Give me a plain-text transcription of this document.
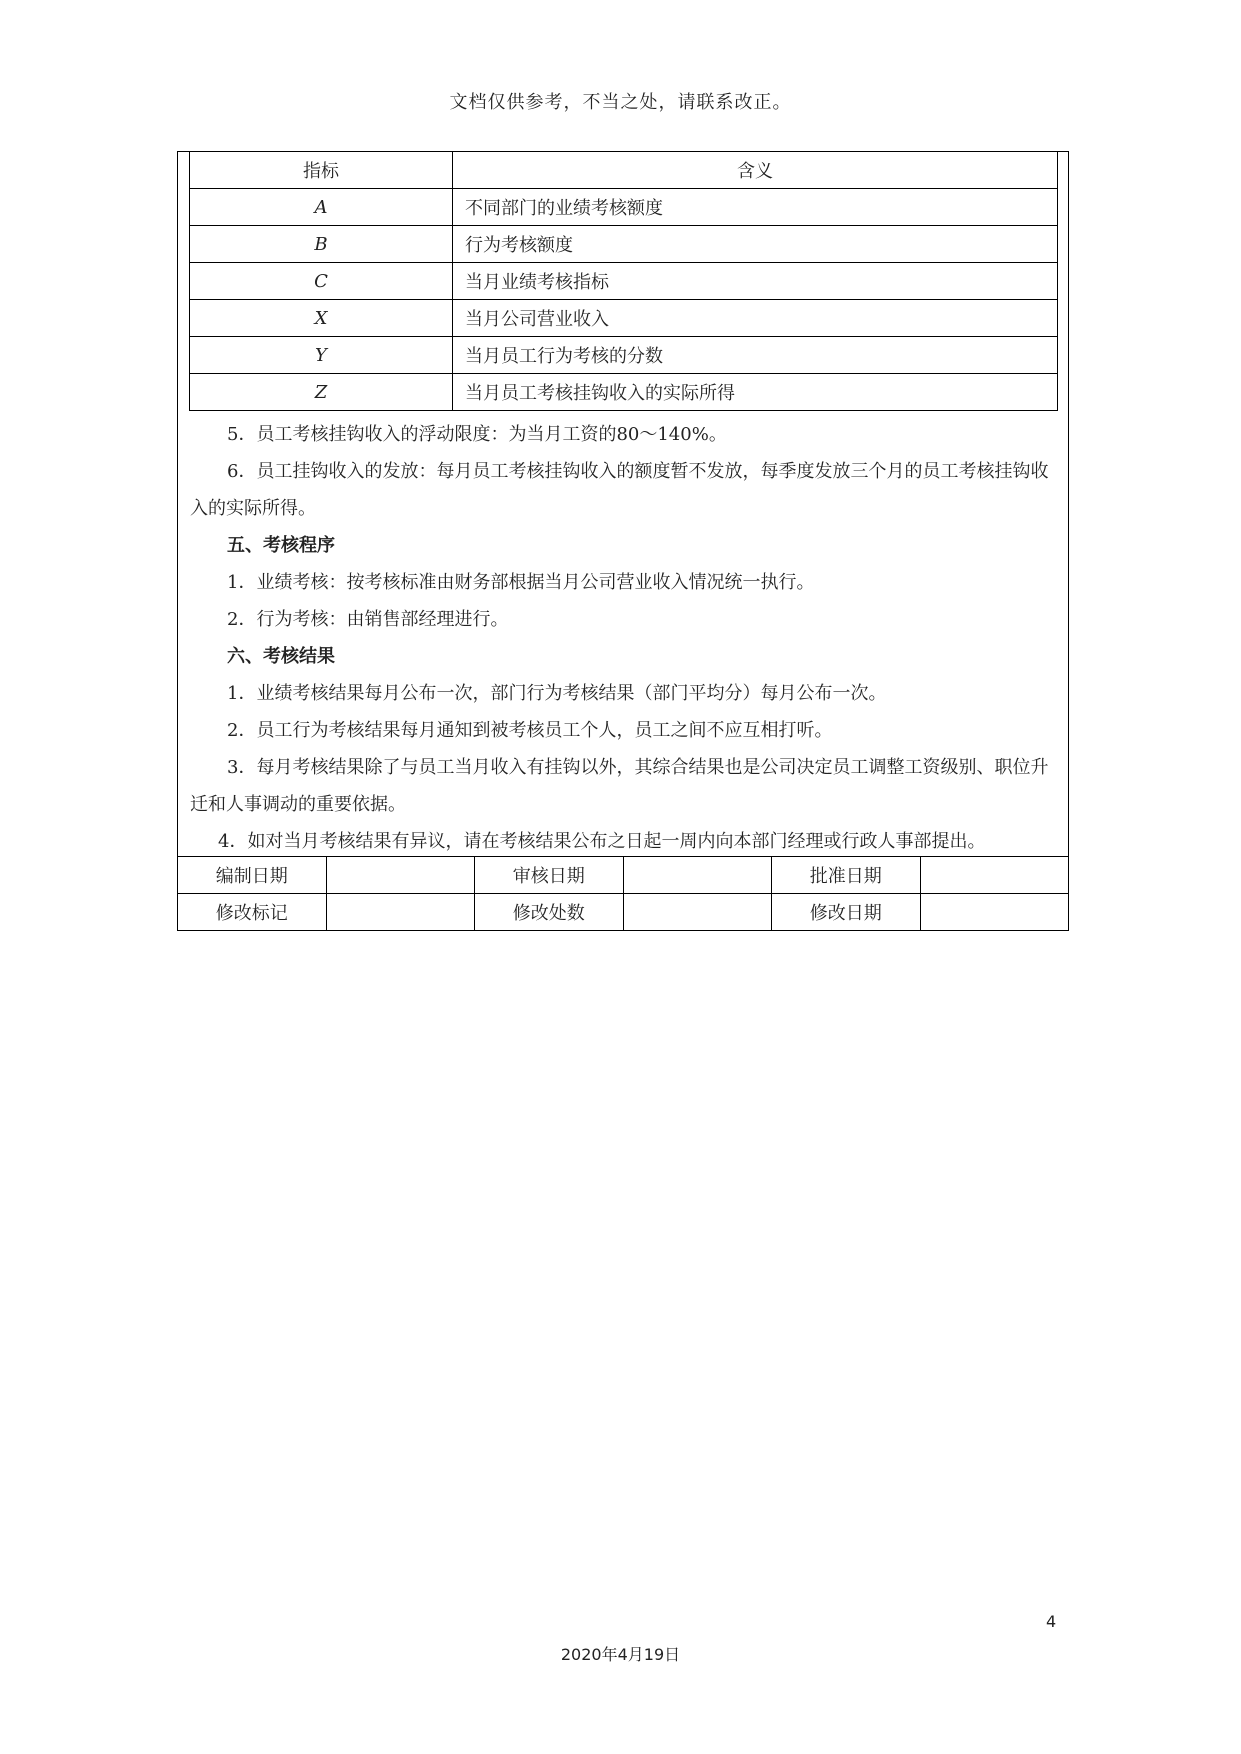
文档仅供参考，不当之处，请联系改正。
指标	含义
A	不同部门的业绩考核额度
B	行为考核额度
C	当月业绩考核指标
X	当月公司营业收入
Y	当月员工行为考核的分数
Z	当月员工考核挂钩收入的实际所得

5．员工考核挂钩收入的浮动限度：为当月工资的80～140%。

6．员工挂钩收入的发放：每月员工考核挂钩收入的额度暂不发放，每季度发放三个月的员工考核挂钩收入的实际所得。

五、考核程序

1．业绩考核：按考核标准由财务部根据当月公司营业收入情况统一执行。

2．行为考核：由销售部经理进行。

六、考核结果

1．业绩考核结果每月公布一次，部门行为考核结果（部门平均分）每月公布一次。

2．员工行为考核结果每月通知到被考核员工个人，员工之间不应互相打听。

3．每月考核结果除了与员工当月收入有挂钩以外，其综合结果也是公司决定员工调整工资级别、职位升迁和人事调动的重要依据。

4．如对当月考核结果有异议，请在考核结果公布之日起一周内向本部门经理或行政人事部提出。

编制日期		审核日期		批准日期	
修改标记		修改处数		修改日期	
4
2020年4月19日
